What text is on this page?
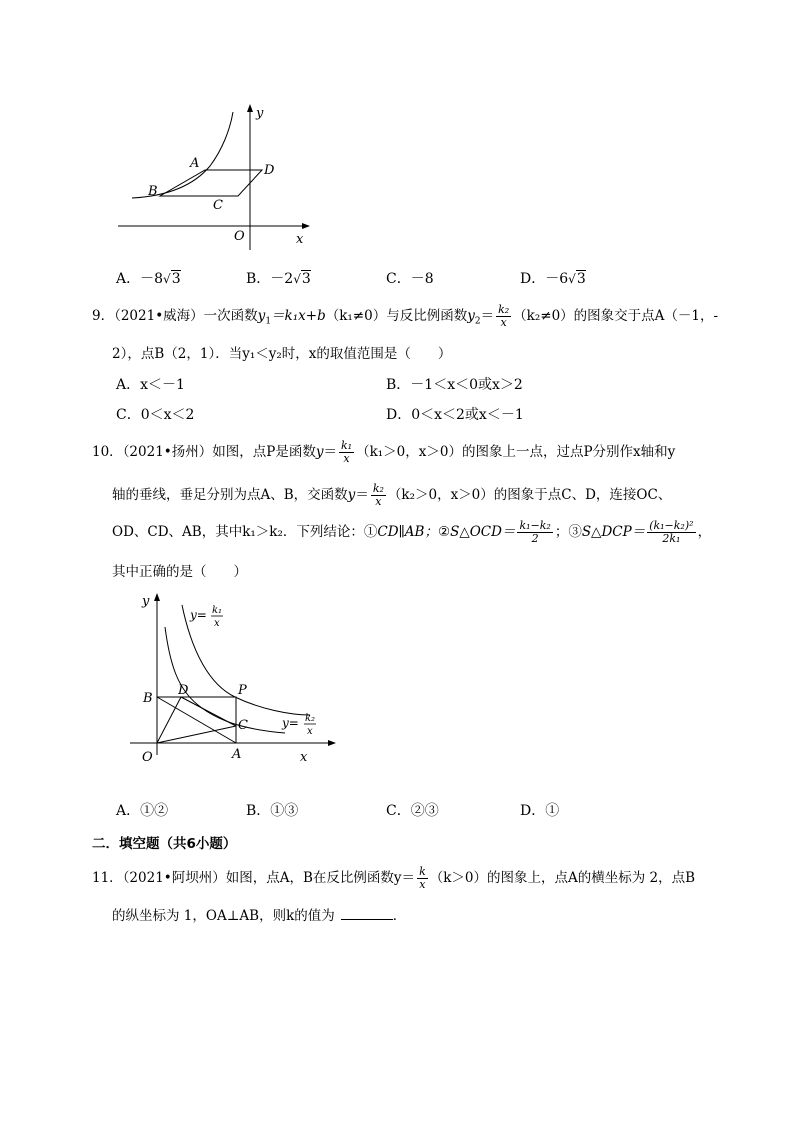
y
x
O
A
B
C
D
A．－8√3	B．－2√3	C．－8	D．－6√3
9．（2021•威海）一次函数$y_1=k_1x+b(k_1\ne 0)$与反比例函数$y_2= \frac{\text{k₂}}{x} (k_2\ne 0)$的图象交于点A（－1，-
2），点B（2，1）．当y₁＜y₂时，x的取值范围是（　　）
A．x＜－1	B．－1＜x＜0或x＞2
C．0＜x＜2	D．0＜x＜2或x＜－1
10．（2021•扬州）如图，点P是函数$y= \frac{\text{k₁}}{x} (k_1>0$，x＞0）的图象上一点，过点P分别作x轴和y
轴的垂线，垂足分别为点A、B，交函数$y= \frac{\text{k₂}}{x} (k_2>0$，x＞0）的图象于点C、D，连接OC、
OD、CD、AB，其中k₁＞k₂．下列结论：①CD∥AB；②S△OCD＝ $\frac{\text{k₁−k₂}}{2}$ ；③S△DCP＝ $\frac{\text{(k₁−k₂)²}}{\text{2k₁}}$ ，
其中正确的是（　　）
y
x
O	A
B
C
D	P
y= k₁
x
y= k₂
x
A．①②	B．①③	C．②③	D．①
二．填空题（共6小题）
11．（2021•阿坝州）如图，点A，B在反比例函数$y= \frac{k}{x} (k>0)$的图象上，点A的横坐标为 2，点B
的纵坐标为 1，OA⊥AB，则k的值为	．
